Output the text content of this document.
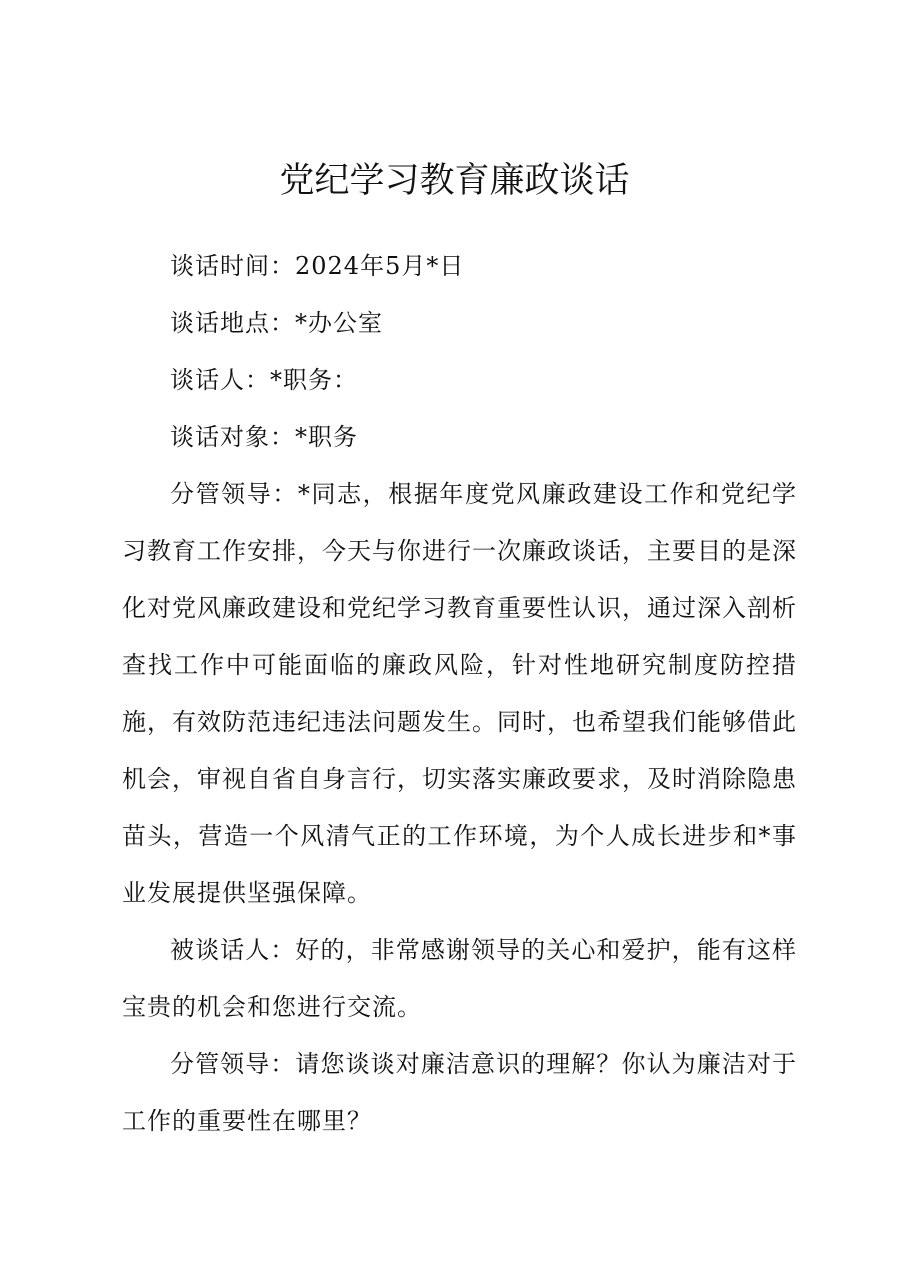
党纪学习教育廉政谈话

谈话时间：2024年5月*日

谈话地点：*办公室

谈话人：*职务：

谈话对象：*职务

分管领导：*同志，根据年度党风廉政建设工作和党纪学习教育工作安排，今天与你进行一次廉政谈话，主要目的是深化对党风廉政建设和党纪学习教育重要性认识，通过深入剖析查找工作中可能面临的廉政风险，针对性地研究制度防控措施，有效防范违纪违法问题发生。同时，也希望我们能够借此机会，审视自省自身言行，切实落实廉政要求，及时消除隐患苗头，营造一个风清气正的工作环境，为个人成长进步和*事业发展提供坚强保障。

被谈话人：好的，非常感谢领导的关心和爱护，能有这样宝贵的机会和您进行交流。

分管领导：请您谈谈对廉洁意识的理解？你认为廉洁对于工作的重要性在哪里？
